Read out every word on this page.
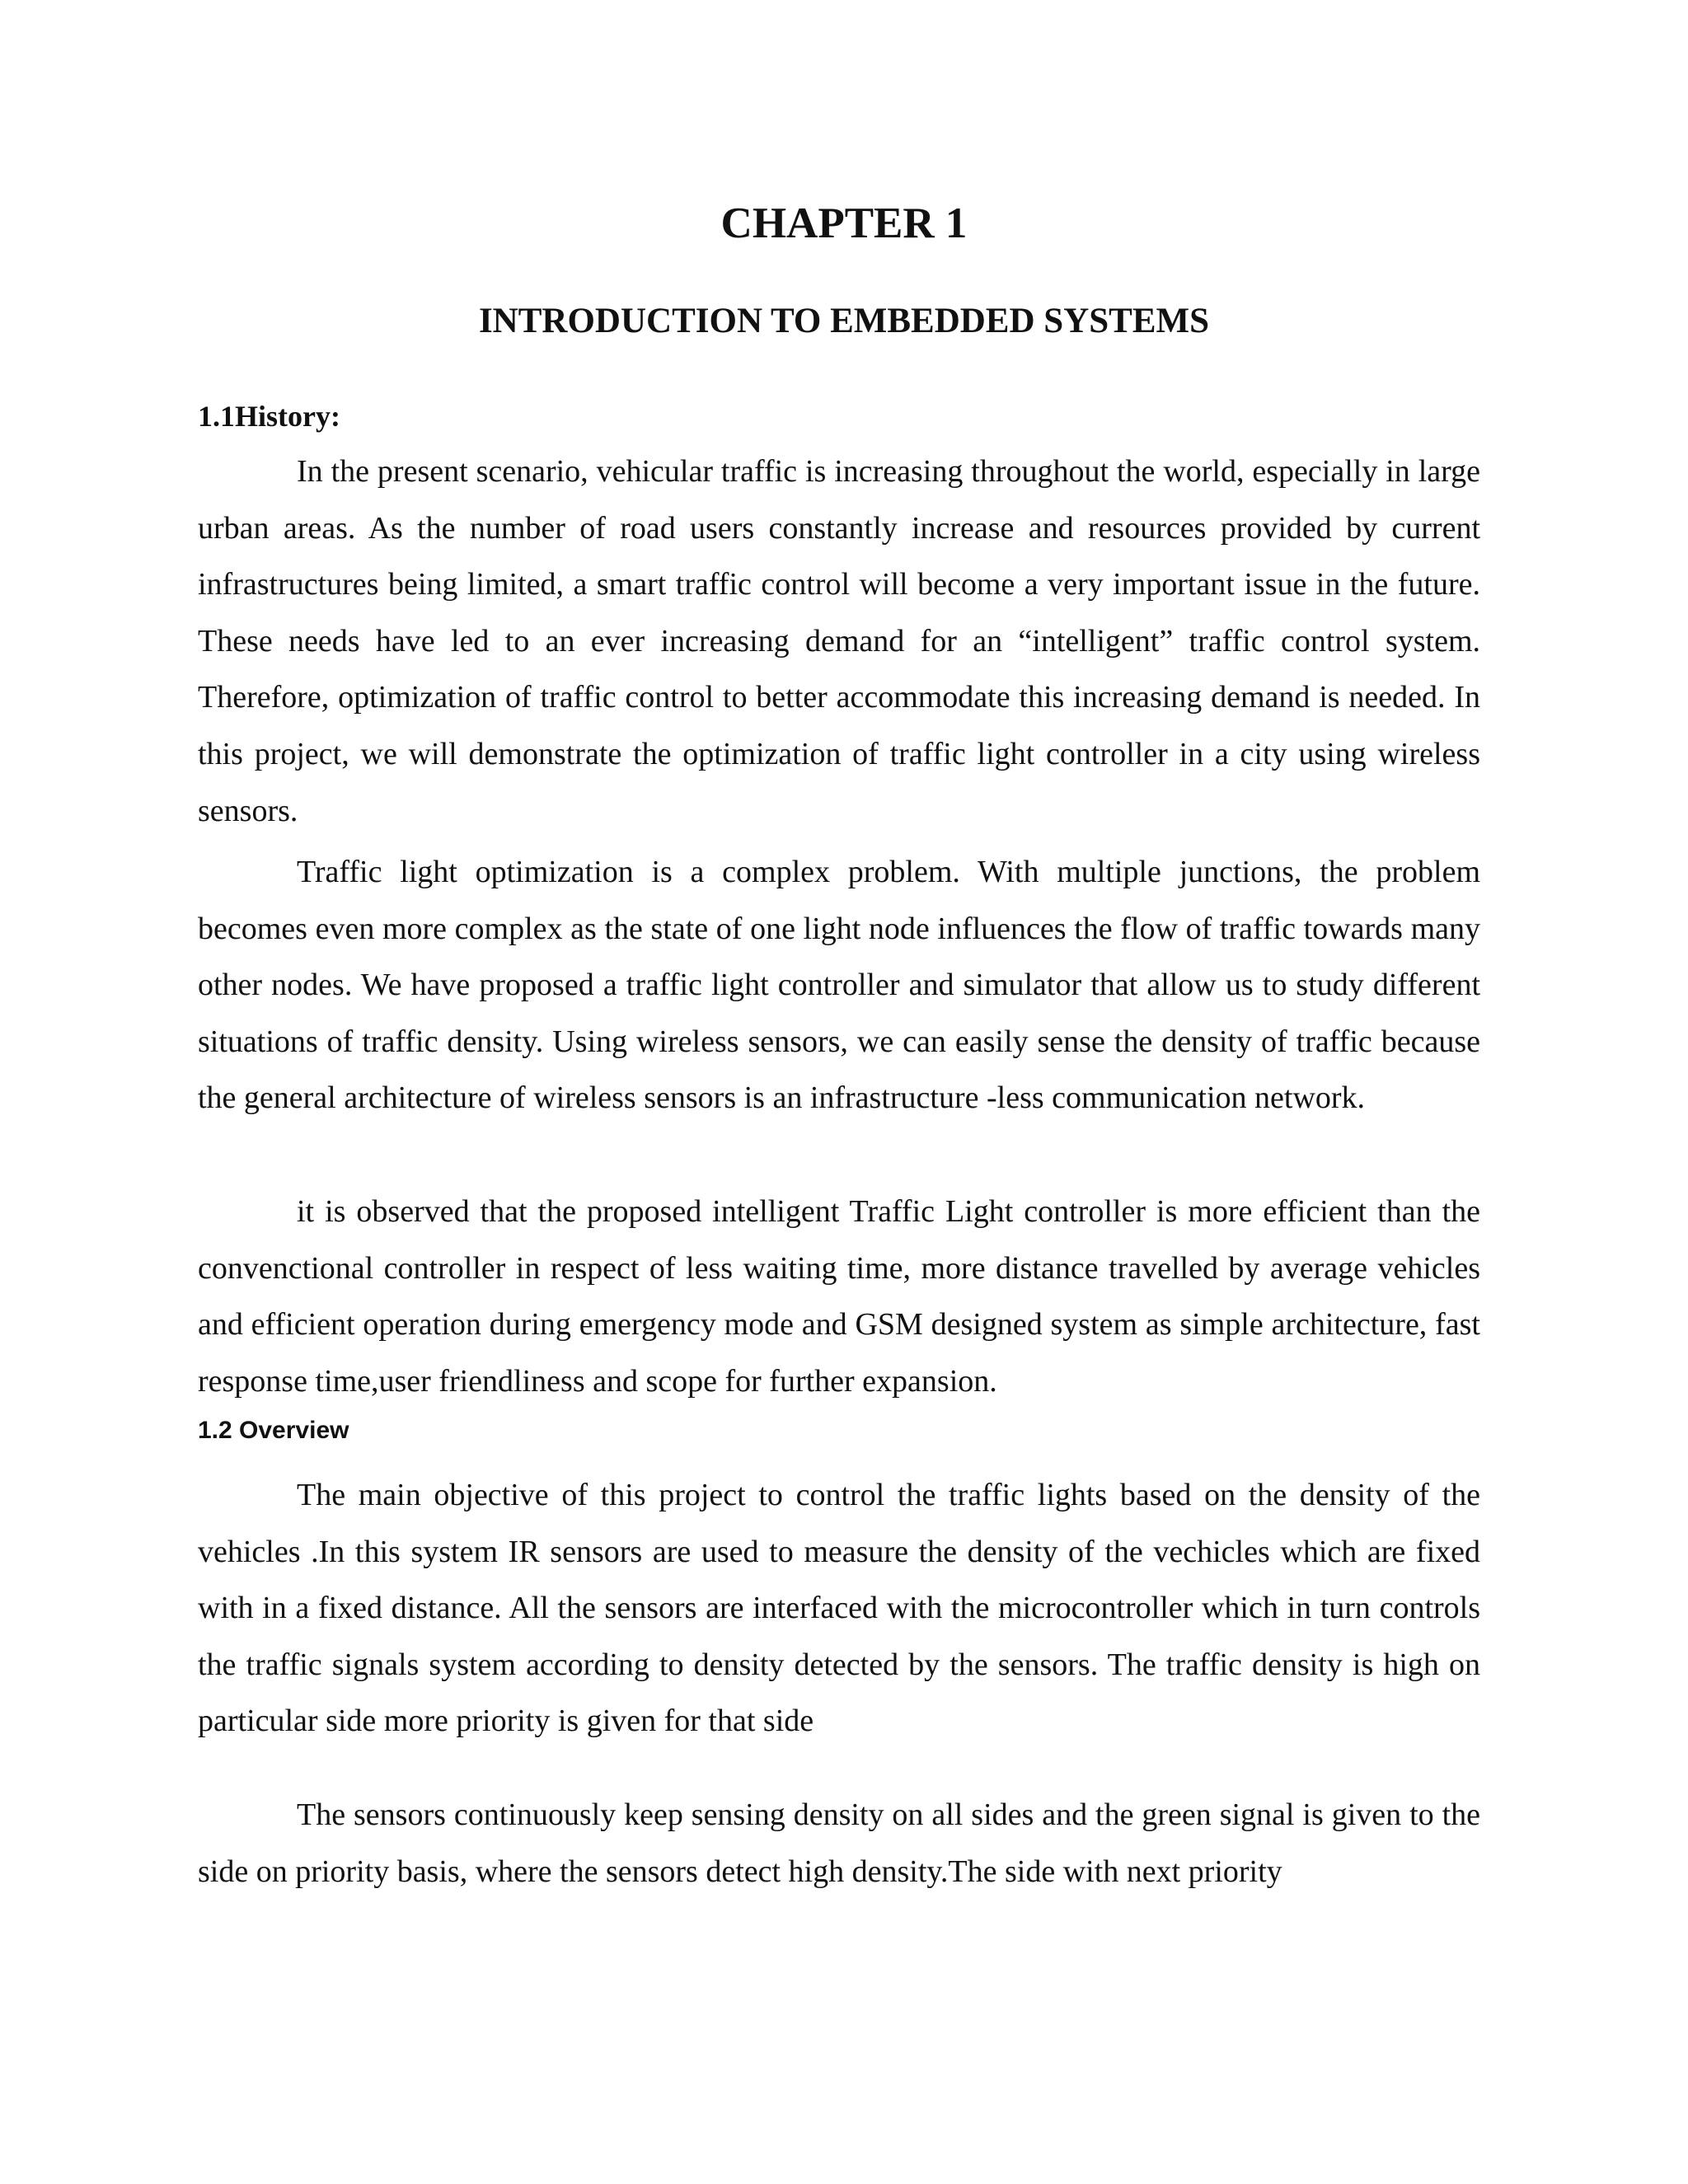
CHAPTER 1
INTRODUCTION TO EMBEDDED SYSTEMS
1.1History:

In the present scenario, vehicular traffic is increasing throughout the world, especially in large urban areas. As the number of road users constantly increase and resources provided by current infrastructures being limited, a smart traffic control will become a very important issue in the future. These needs have led to an ever increasing demand for an “intelligent” traffic control system. Therefore, optimization of traffic control to better accommodate this increasing demand is needed. In this project, we will demonstrate the optimization of traffic light controller in a city using wireless sensors.

Traffic light optimization is a complex problem. With multiple junctions, the problem becomes even more complex as the state of one light node influences the flow of traffic towards many other nodes. We have proposed a traffic light controller and simulator that allow us to study different situations of traffic density. Using wireless sensors, we can easily sense the density of traffic because the general architecture of wireless sensors is an infrastructure -less communication network.

it is observed that the proposed intelligent Traffic Light controller is more efficient than the convenctional controller in respect of less waiting time, more distance travelled by average vehicles and efficient operation during emergency mode and GSM designed system as simple architecture, fast response time,user friendliness and scope for further expansion.

1.2 Overview

The main objective of this project to control the traffic lights based on the density of the vehicles .In this system IR sensors are used to measure the density of the vechicles which are fixed with in a fixed distance. All the sensors are interfaced with the microcontroller which in turn controls the traffic signals system according to density detected by the sensors. The traffic density is high on particular side more priority is given for that side

The sensors continuously keep sensing density on all sides and the green signal is given to the side on priority basis, where the sensors detect high density.The side with next priority
